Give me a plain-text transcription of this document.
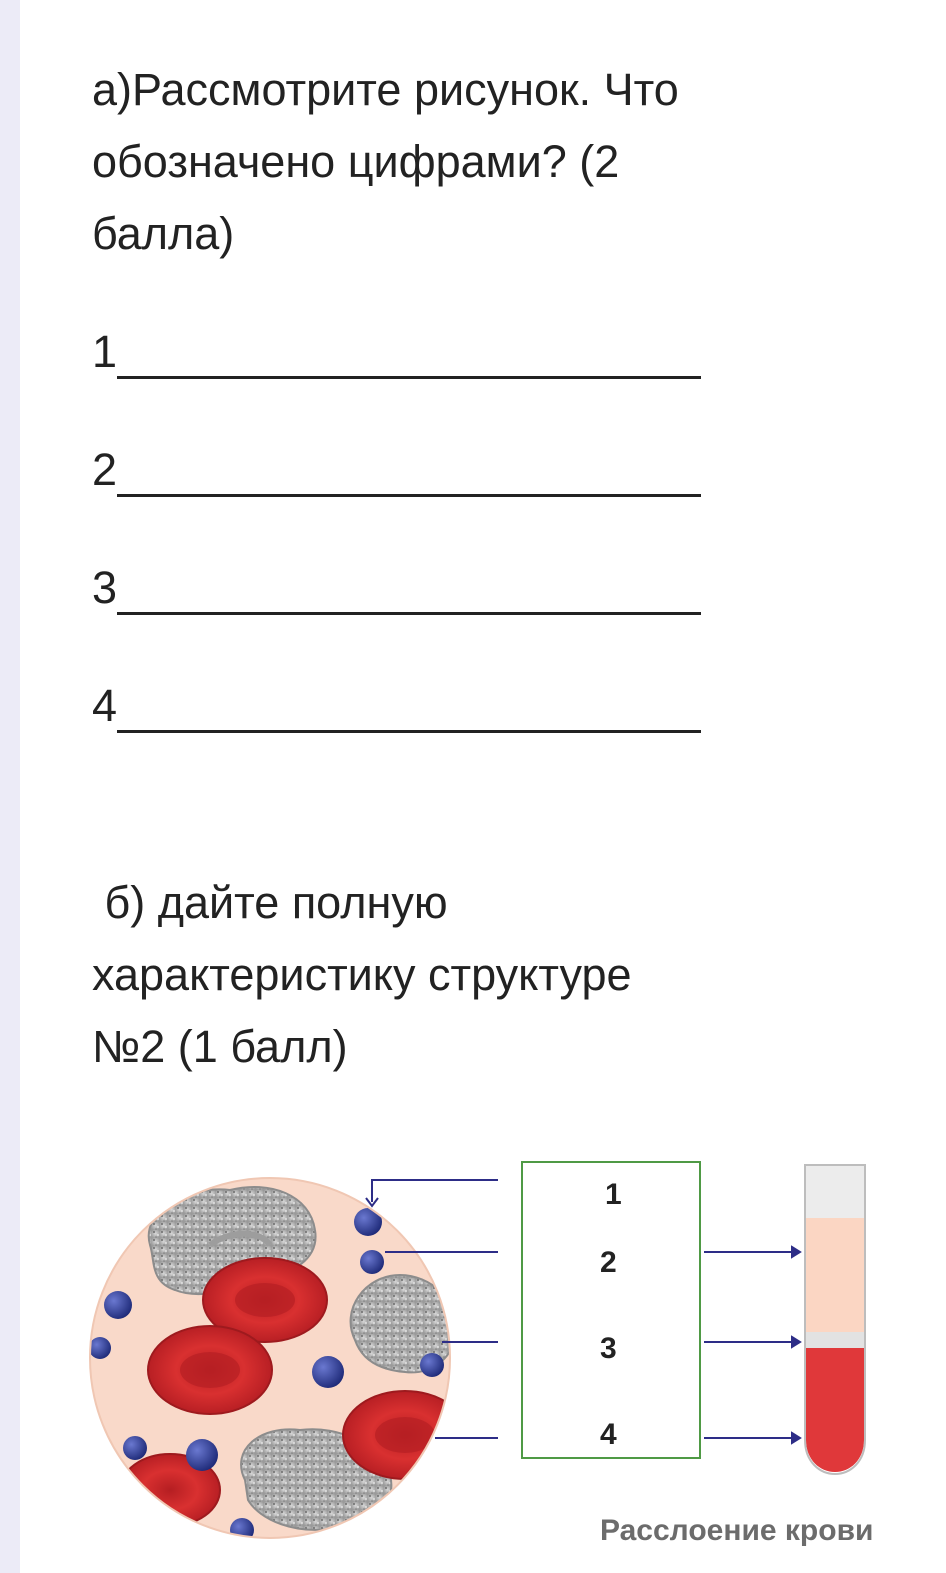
а)Рассмотрите рисунок. Что
обозначено цифрами? (2
балла)
1
2
3
4
б) дайте полную
характеристику структуре
№2 (1 балл)
1
2
3
4
Расслоение крови
